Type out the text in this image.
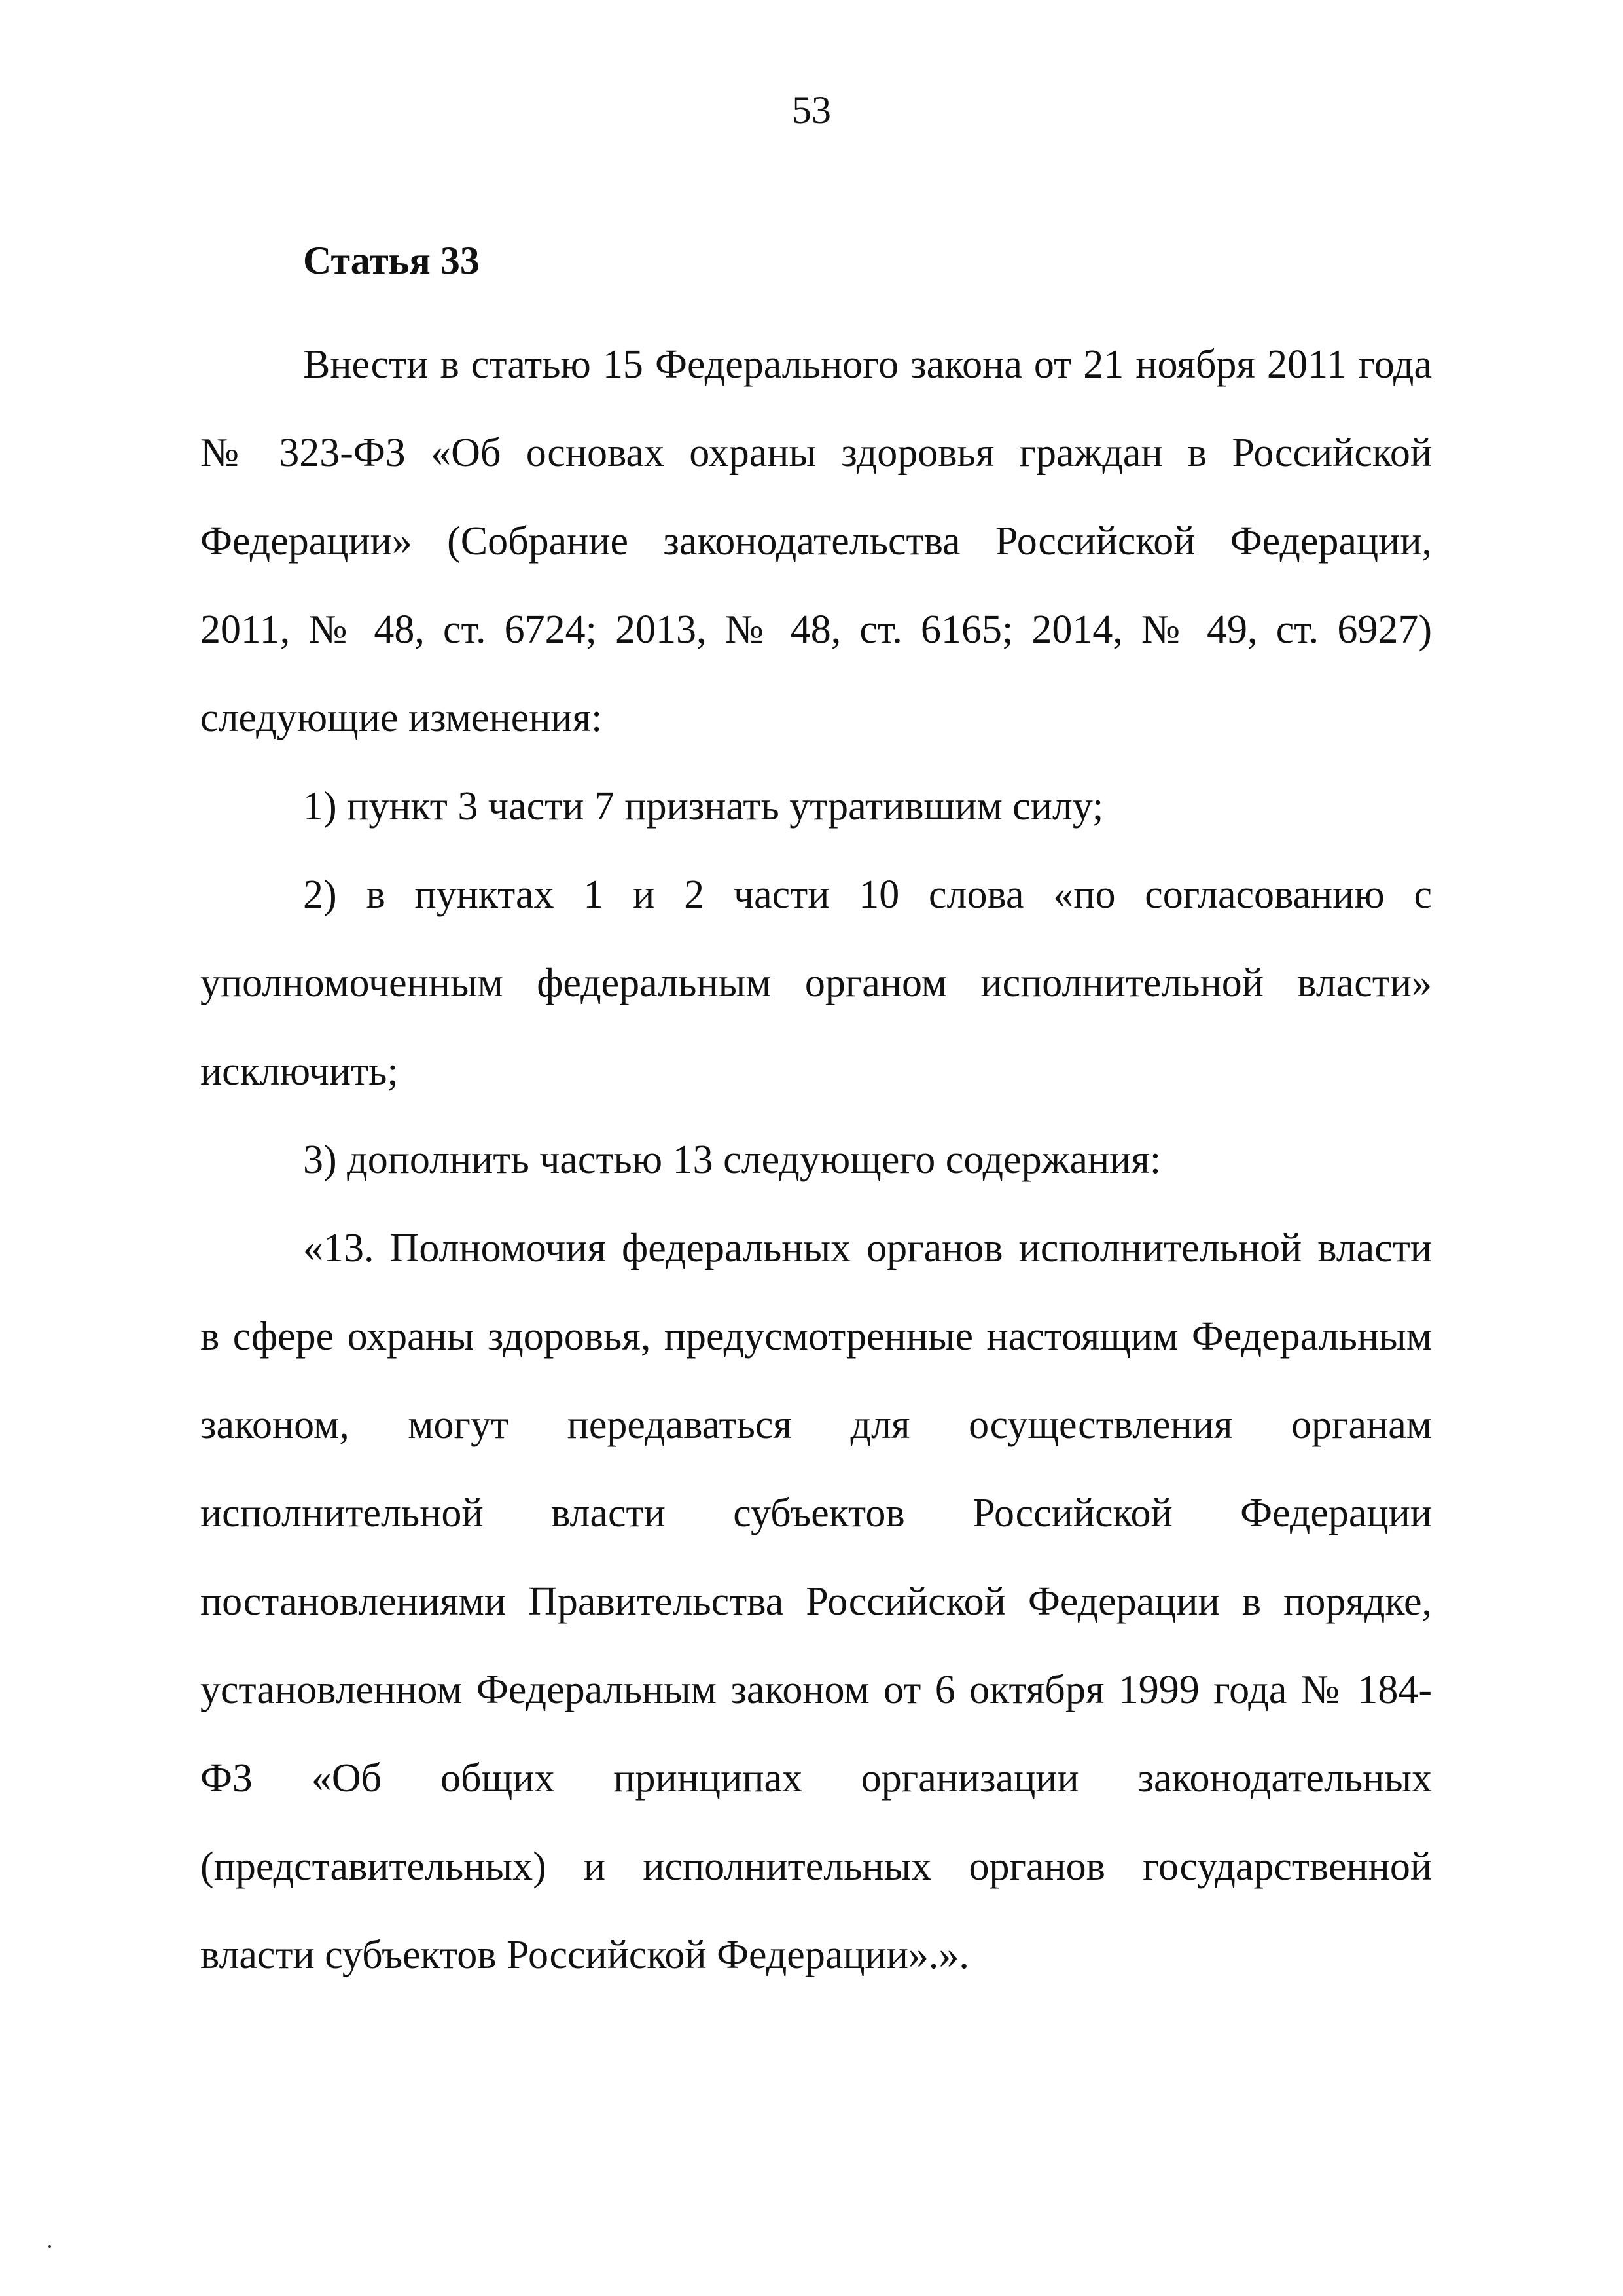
53
Статья 33

Внести в статью 15 Федерального закона от 21 ноября 2011 года № 323-ФЗ «Об основах охраны здоровья граждан в Российской Федерации» (Собрание законодательства Российской Федерации, 2011, № 48, ст. 6724; 2013, № 48, ст. 6165; 2014, № 49, ст. 6927) следующие изменения:

1) пункт 3 части 7 признать утратившим силу;

2) в пунктах 1 и 2 части 10 слова «по согласованию с уполномоченным федеральным органом исполнительной власти» исключить;

3) дополнить частью 13 следующего содержания:

«13. Полномочия федеральных органов исполнительной власти в сфере охраны здоровья, предусмотренные настоящим Федеральным законом, могут передаваться для осуществления органам исполнительной власти субъектов Российской Федерации постановлениями Правительства Российской Федерации в порядке, установленном Федеральным законом от 6 октября 1999 года № 184-ФЗ «Об общих принципах организации законодательных (представительных) и исполнительных органов государственной власти субъектов Российской Федерации».».
